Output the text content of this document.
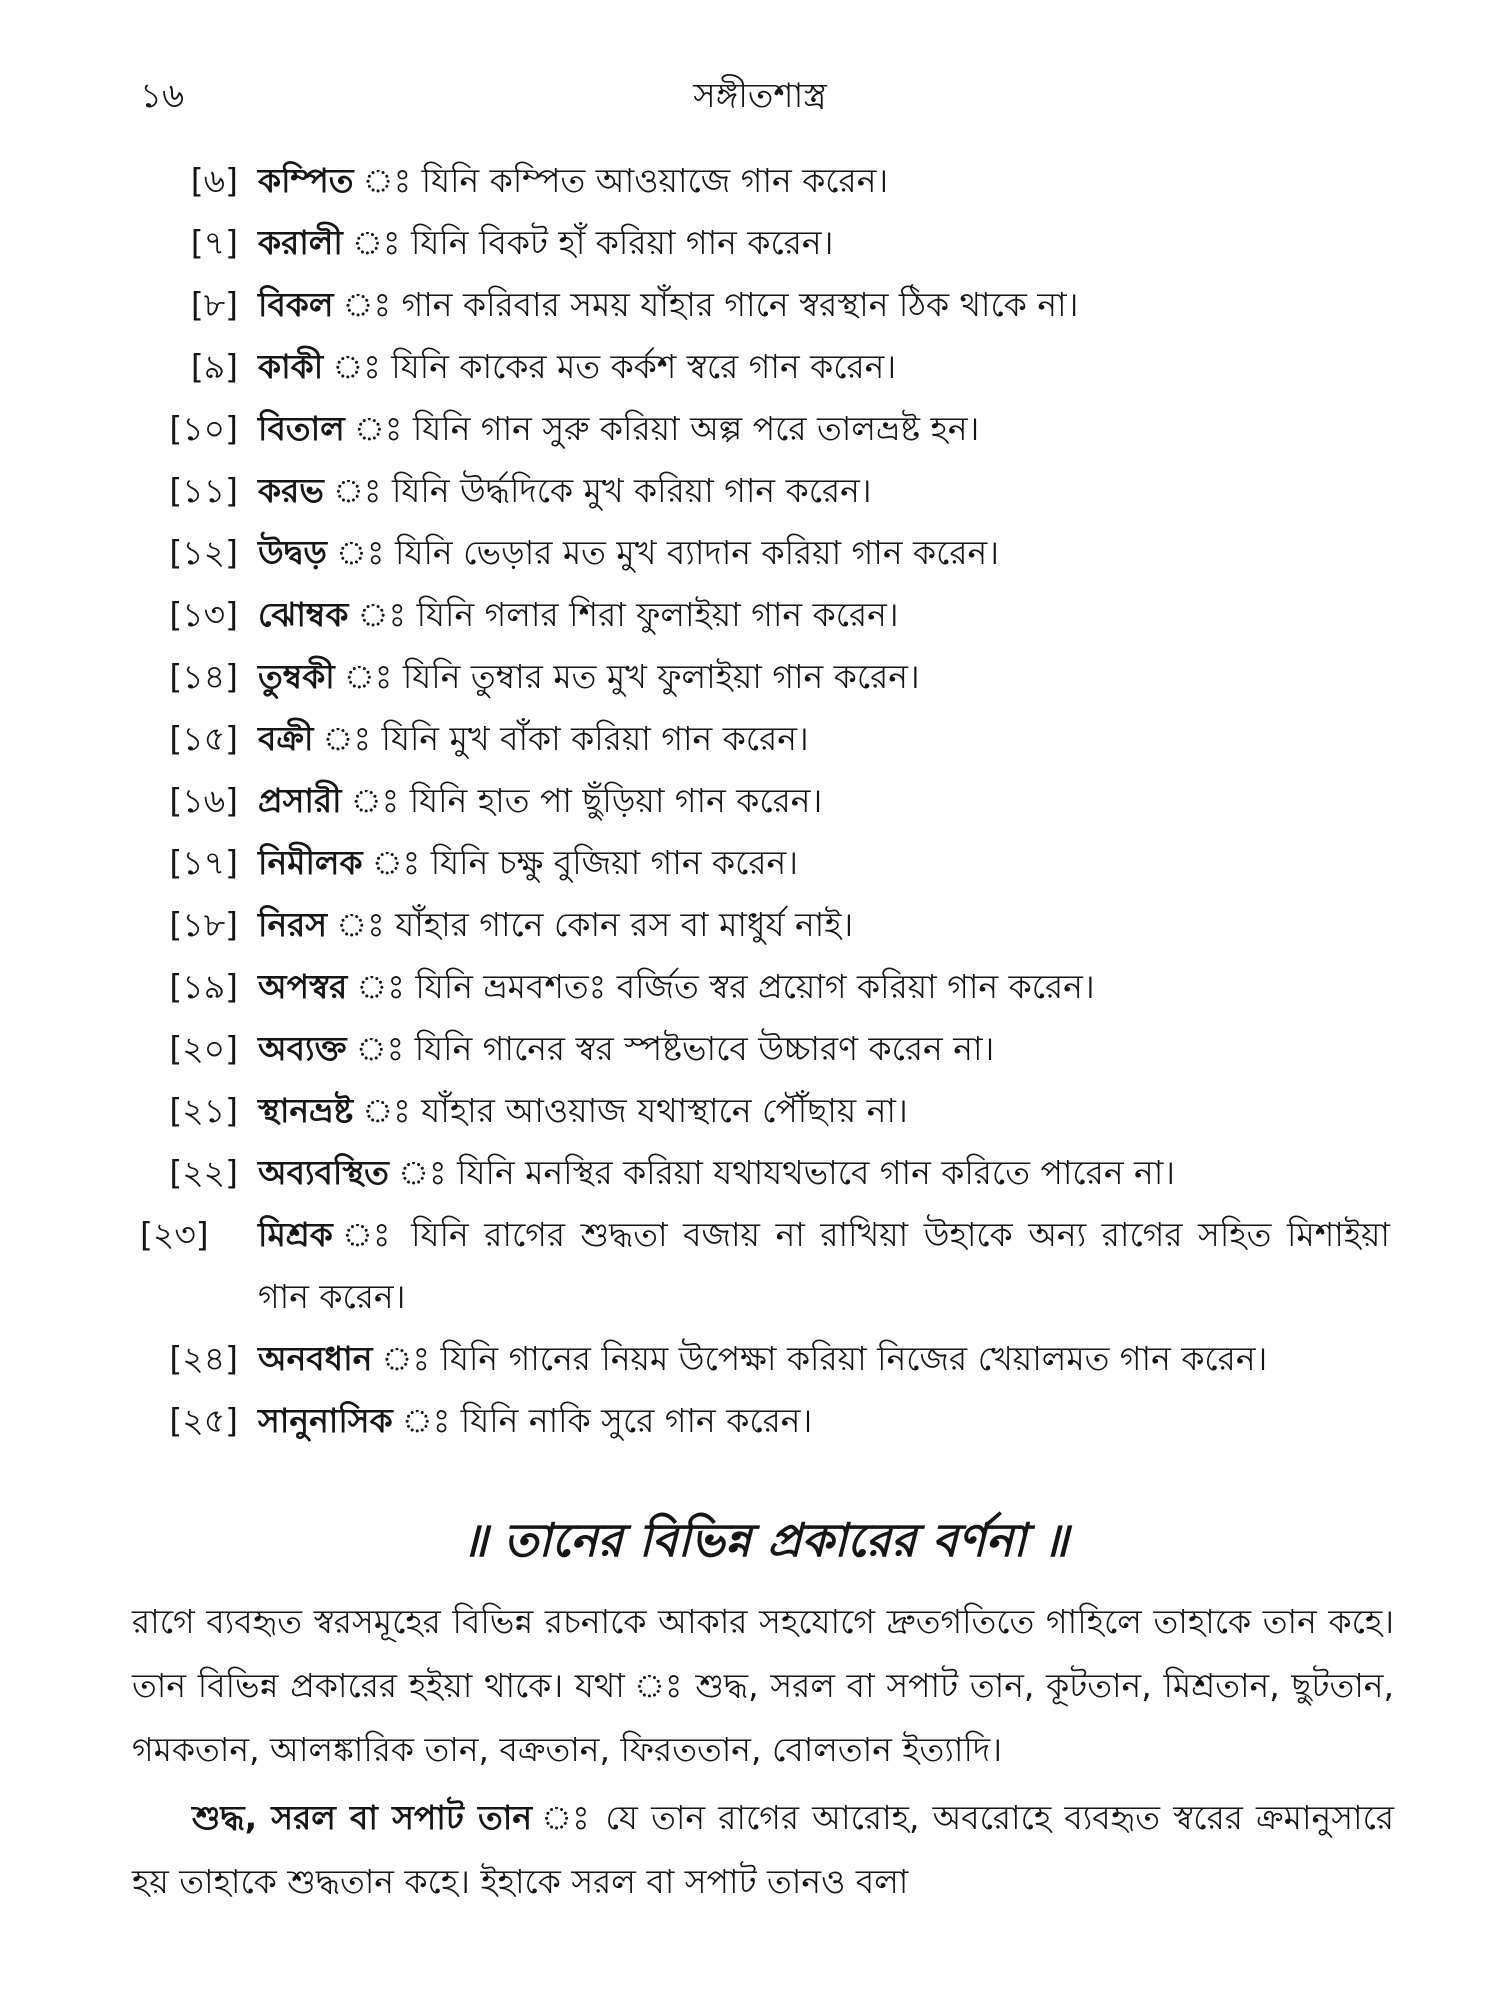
১৬	সঙ্গীতশাস্ত্র
[৬] কম্পিত ঃ যিনি কম্পিত আওয়াজে গান করেন।
[৭] করালী ঃ যিনি বিকট হাঁ করিয়া গান করেন।
[৮] বিকল ঃ গান করিবার সময় যাঁহার গানে স্বরস্থান ঠিক থাকে না।
[৯] কাকী ঃ যিনি কাকের মত কর্কশ স্বরে গান করেন।
[১০] বিতাল ঃ যিনি গান সুরু করিয়া অল্প পরে তালভ্রষ্ট হন।
[১১] করভ ঃ যিনি উর্দ্ধদিকে মুখ করিয়া গান করেন।
[১২] উদ্বড় ঃ যিনি ভেড়ার মত মুখ ব্যাদান করিয়া গান করেন।
[১৩] ঝোম্বক ঃ যিনি গলার শিরা ফুলাইয়া গান করেন।
[১৪] তুম্বকী ঃ যিনি তুম্বার মত মুখ ফুলাইয়া গান করেন।
[১৫] বক্রী ঃ যিনি মুখ বাঁকা করিয়া গান করেন।
[১৬] প্রসারী ঃ যিনি হাত পা ছুঁড়িয়া গান করেন।
[১৭] নিমীলক ঃ যিনি চক্ষু বুজিয়া গান করেন।
[১৮] নিরস ঃ যাঁহার গানে কোন রস বা মাধুর্য নাই।
[১৯] অপস্বর ঃ যিনি ভ্রমবশতঃ বর্জিত স্বর প্রয়োগ করিয়া গান করেন।
[২০] অব্যক্ত ঃ যিনি গানের স্বর স্পষ্টভাবে উচ্চারণ করেন না।
[২১] স্থানভ্রষ্ট ঃ যাঁহার আওয়াজ যথাস্থানে পৌঁছায় না।
[২২] অব্যবস্থিত ঃ যিনি মনস্থির করিয়া যথাযথভাবে গান করিতে পারেন না।
[২৩]	মিশ্রক ঃ যিনি রাগের শুদ্ধতা বজায় না রাখিয়া উহাকে অন্য রাগের সহিত মিশাইয়া গান করেন।
[২৪] অনবধান ঃ যিনি গানের নিয়ম উপেক্ষা করিয়া নিজের খেয়ালমত গান করেন।
[২৫] সানুনাসিক ঃ যিনি নাকি সুরে গান করেন।
॥ তানের বিভিন্ন প্রকারের বর্ণনা ॥

রাগে ব্যবহৃত স্বরসমূহের বিভিন্ন রচনাকে আকার সহযোগে দ্রুতগতিতে গাহিলে তাহাকে তান কহে। তান বিভিন্ন প্রকারের হইয়া থাকে। যথা ঃ শুদ্ধ, সরল বা সপাট তান, কূটতান, মিশ্রতান, ছুটতান, গমকতান, আলঙ্কারিক তান, বক্রতান, ফিরততান, বোলতান ইত্যাদি।

শুদ্ধ, সরল বা সপাট তান ঃ যে তান রাগের আরোহ, অবরোহে ব্যবহৃত স্বরের ক্রমানুসারে হয় তাহাকে শুদ্ধতান কহে। ইহাকে সরল বা সপাট তানও বলা
